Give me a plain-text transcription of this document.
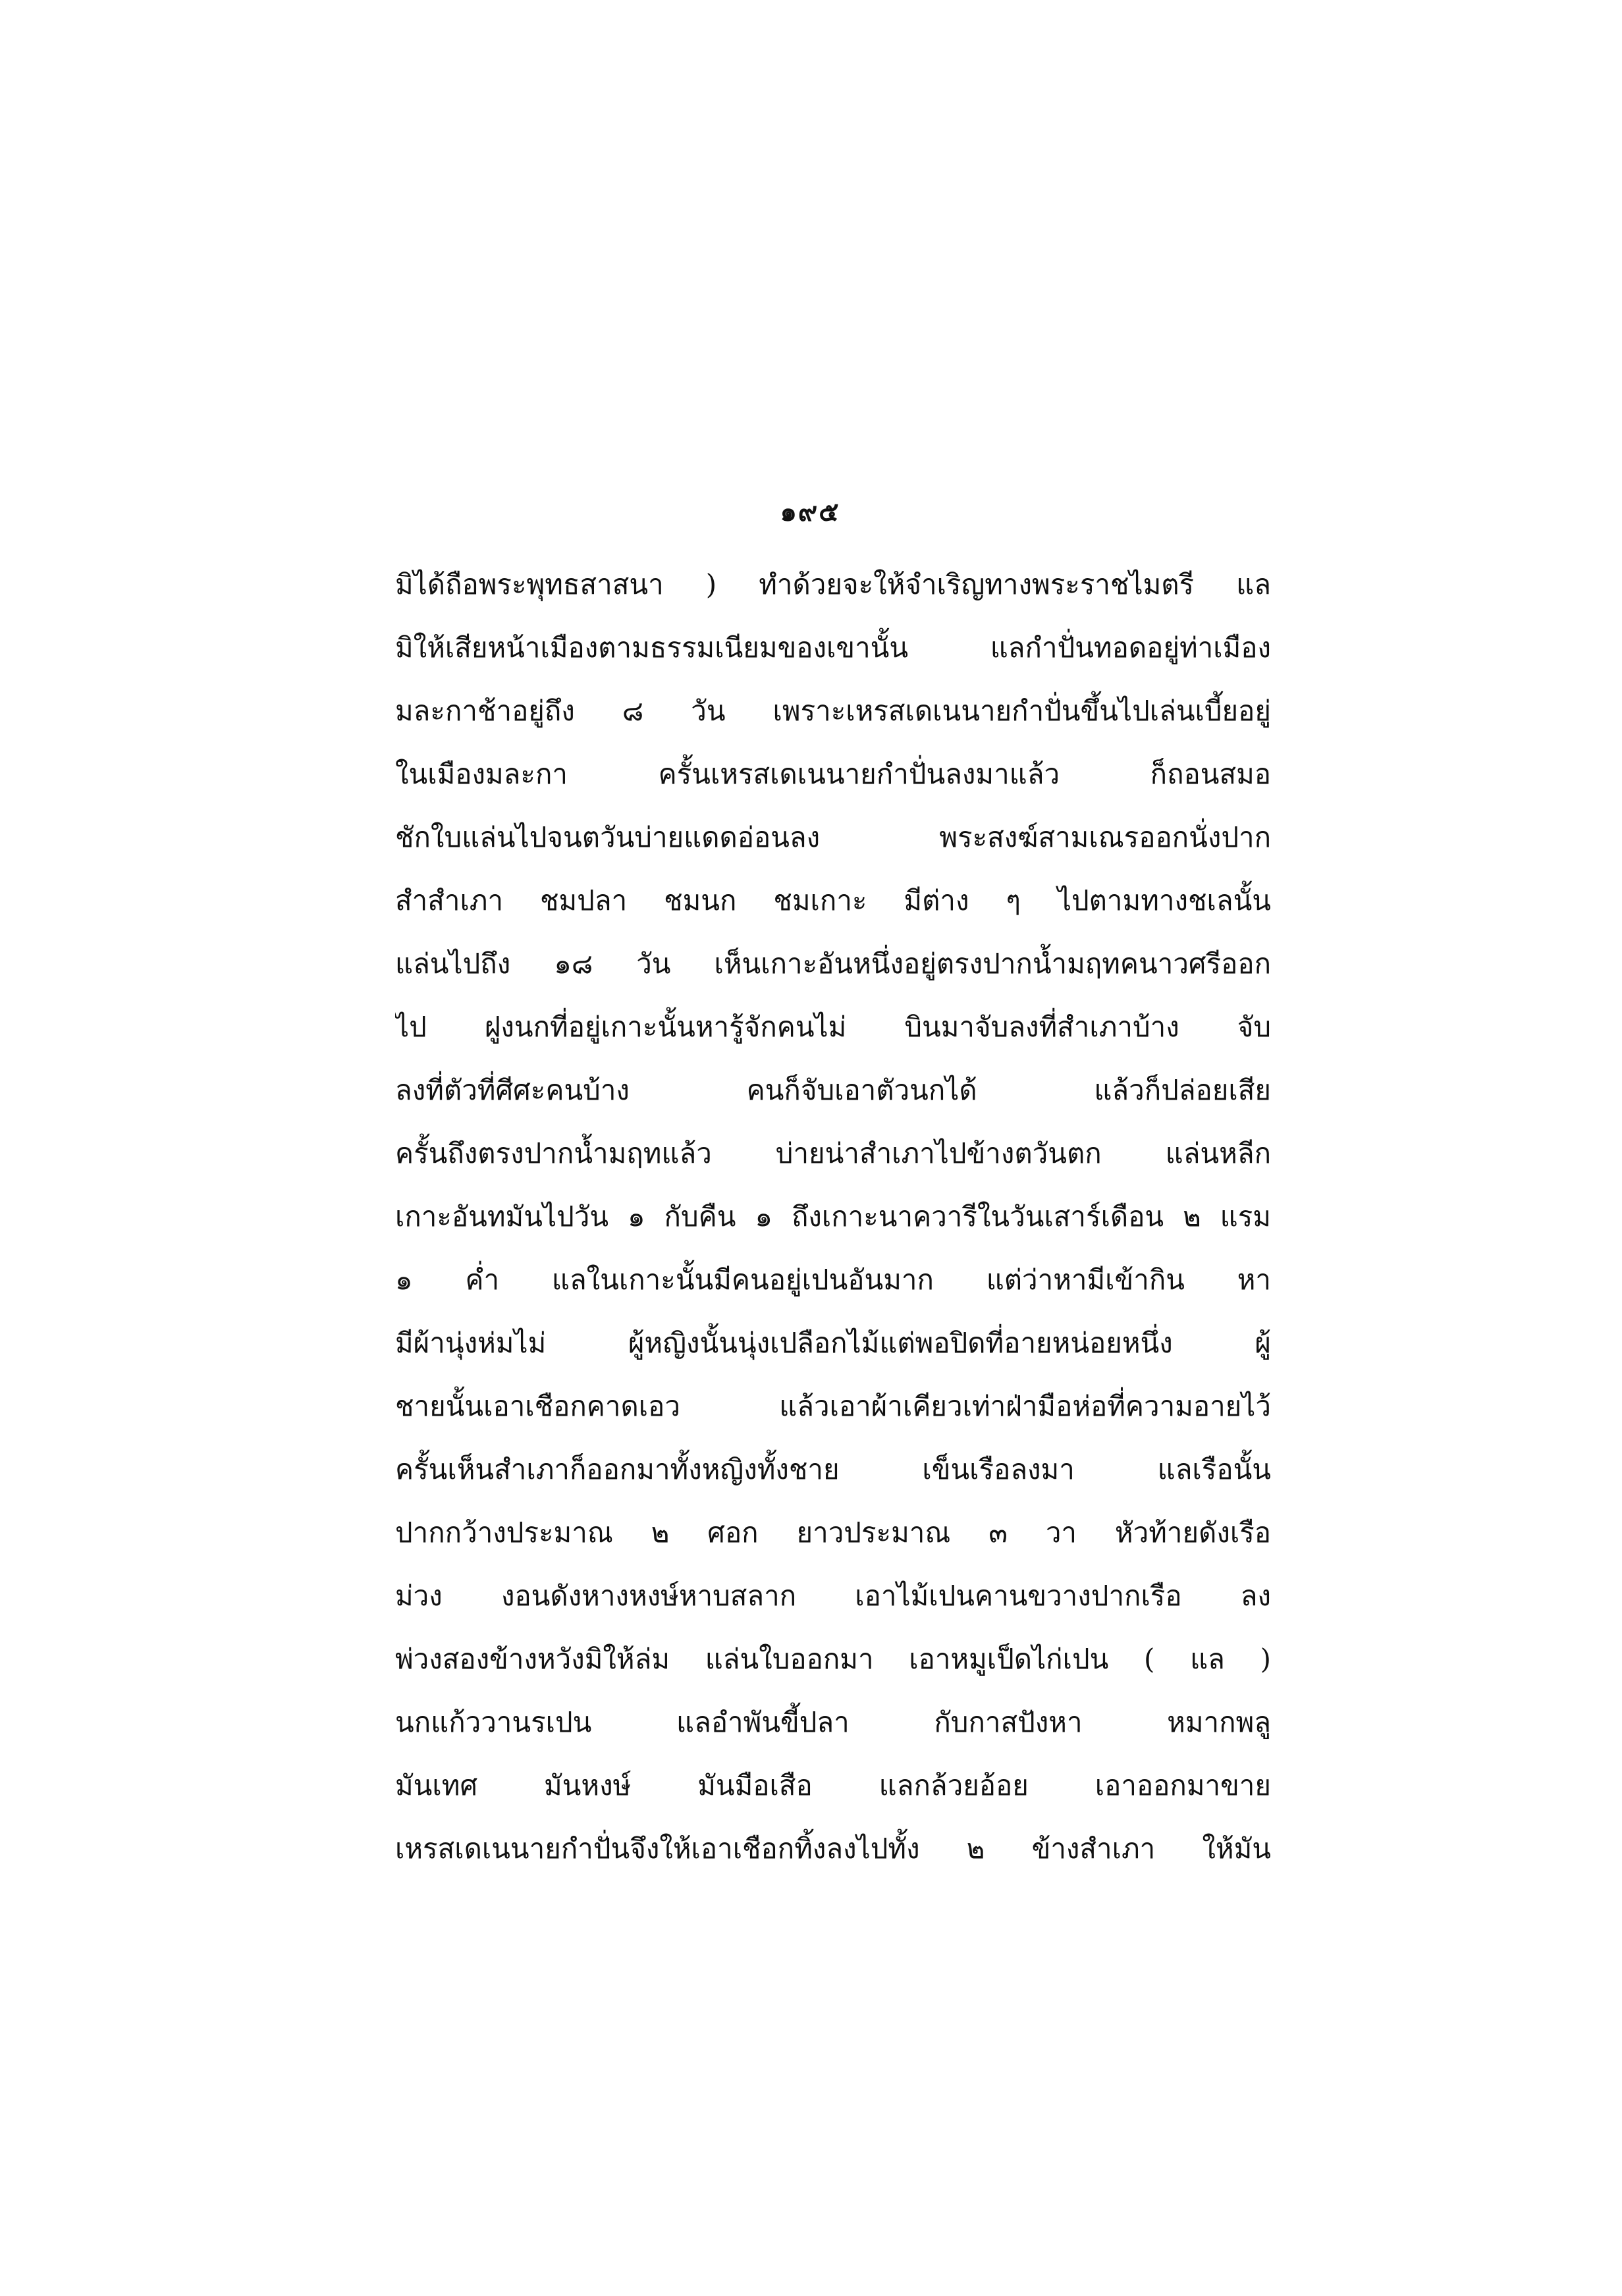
๑๙๕
มิได้ถือพระพุทธสาสนา ) ทำด้วยจะให้จำเริญทางพระราชไมตรี แล
มิให้เสียหน้าเมืองตามธรรมเนียมของเขานั้น แลกำปั่นทอดอยู่ท่าเมือง
มละกาช้าอยู่ถึง ๘ วัน เพราะเหรสเดเนนายกำปั่นขึ้นไปเล่นเบี้ยอยู่
ในเมืองมละกา ครั้นเหรสเดเนนายกำปั่นลงมาแล้ว ก็ถอนสมอ
ชักใบแล่นไปจนตวันบ่ายแดดอ่อนลง พระสงฆ์สามเณรออกนั่งปาก
สำสำเภา ชมปลา ชมนก ชมเกาะ มีต่าง ๆ ไปตามทางชเลนั้น
แล่นไปถึง ๑๘ วัน เห็นเกาะอันหนึ่งอยู่ตรงปากน้ำมฤทคนาวศรีออก
ไป ฝูงนกที่อยู่เกาะนั้นหารู้จักคนไม่ บินมาจับลงที่สำเภาบ้าง จับ
ลงที่ตัวที่ศีศะคนบ้าง คนก็จับเอาตัวนกได้ แล้วก็ปล่อยเสีย
ครั้นถึงตรงปากน้ำมฤทแล้ว บ่ายน่าสำเภาไปข้างตวันตก แล่นหลีก
เกาะอันทมันไปวัน ๑ กับคืน ๑ ถึงเกาะนาควารีในวันเสาร์เดือน ๒ แรม
๑ ค่ำ แลในเกาะนั้นมีคนอยู่เปนอันมาก แต่ว่าหามีเข้ากิน หา
มีผ้านุ่งห่มไม่ ผู้หญิงนั้นนุ่งเปลือกไม้แต่พอปิดที่อายหน่อยหนึ่ง ผู้
ชายนั้นเอาเชือกคาดเอว แล้วเอาผ้าเคียวเท่าฝ่ามือห่อที่ความอายไว้
ครั้นเห็นสำเภาก็ออกมาทั้งหญิงทั้งชาย เข็นเรือลงมา แลเรือนั้น
ปากกว้างประมาณ ๒ ศอก ยาวประมาณ ๓ วา หัวท้ายดังเรือ
ม่วง งอนดังหางหงษ์หาบสลาก เอาไม้เปนคานขวางปากเรือ ลง
พ่วงสองข้างหวังมิให้ล่ม แล่นใบออกมา เอาหมูเป็ดไก่เปน ( แล )
นกแก้ววานรเปน แลอำพันขี้ปลา กับกาสปังหา หมากพลู
มันเทศ มันหงษ์ มันมือเสือ แลกล้วยอ้อย เอาออกมาขาย
เหรสเดเนนายกำปั่นจึงให้เอาเชือกทิ้งลงไปทั้ง ๒ ข้างสำเภา ให้มัน
